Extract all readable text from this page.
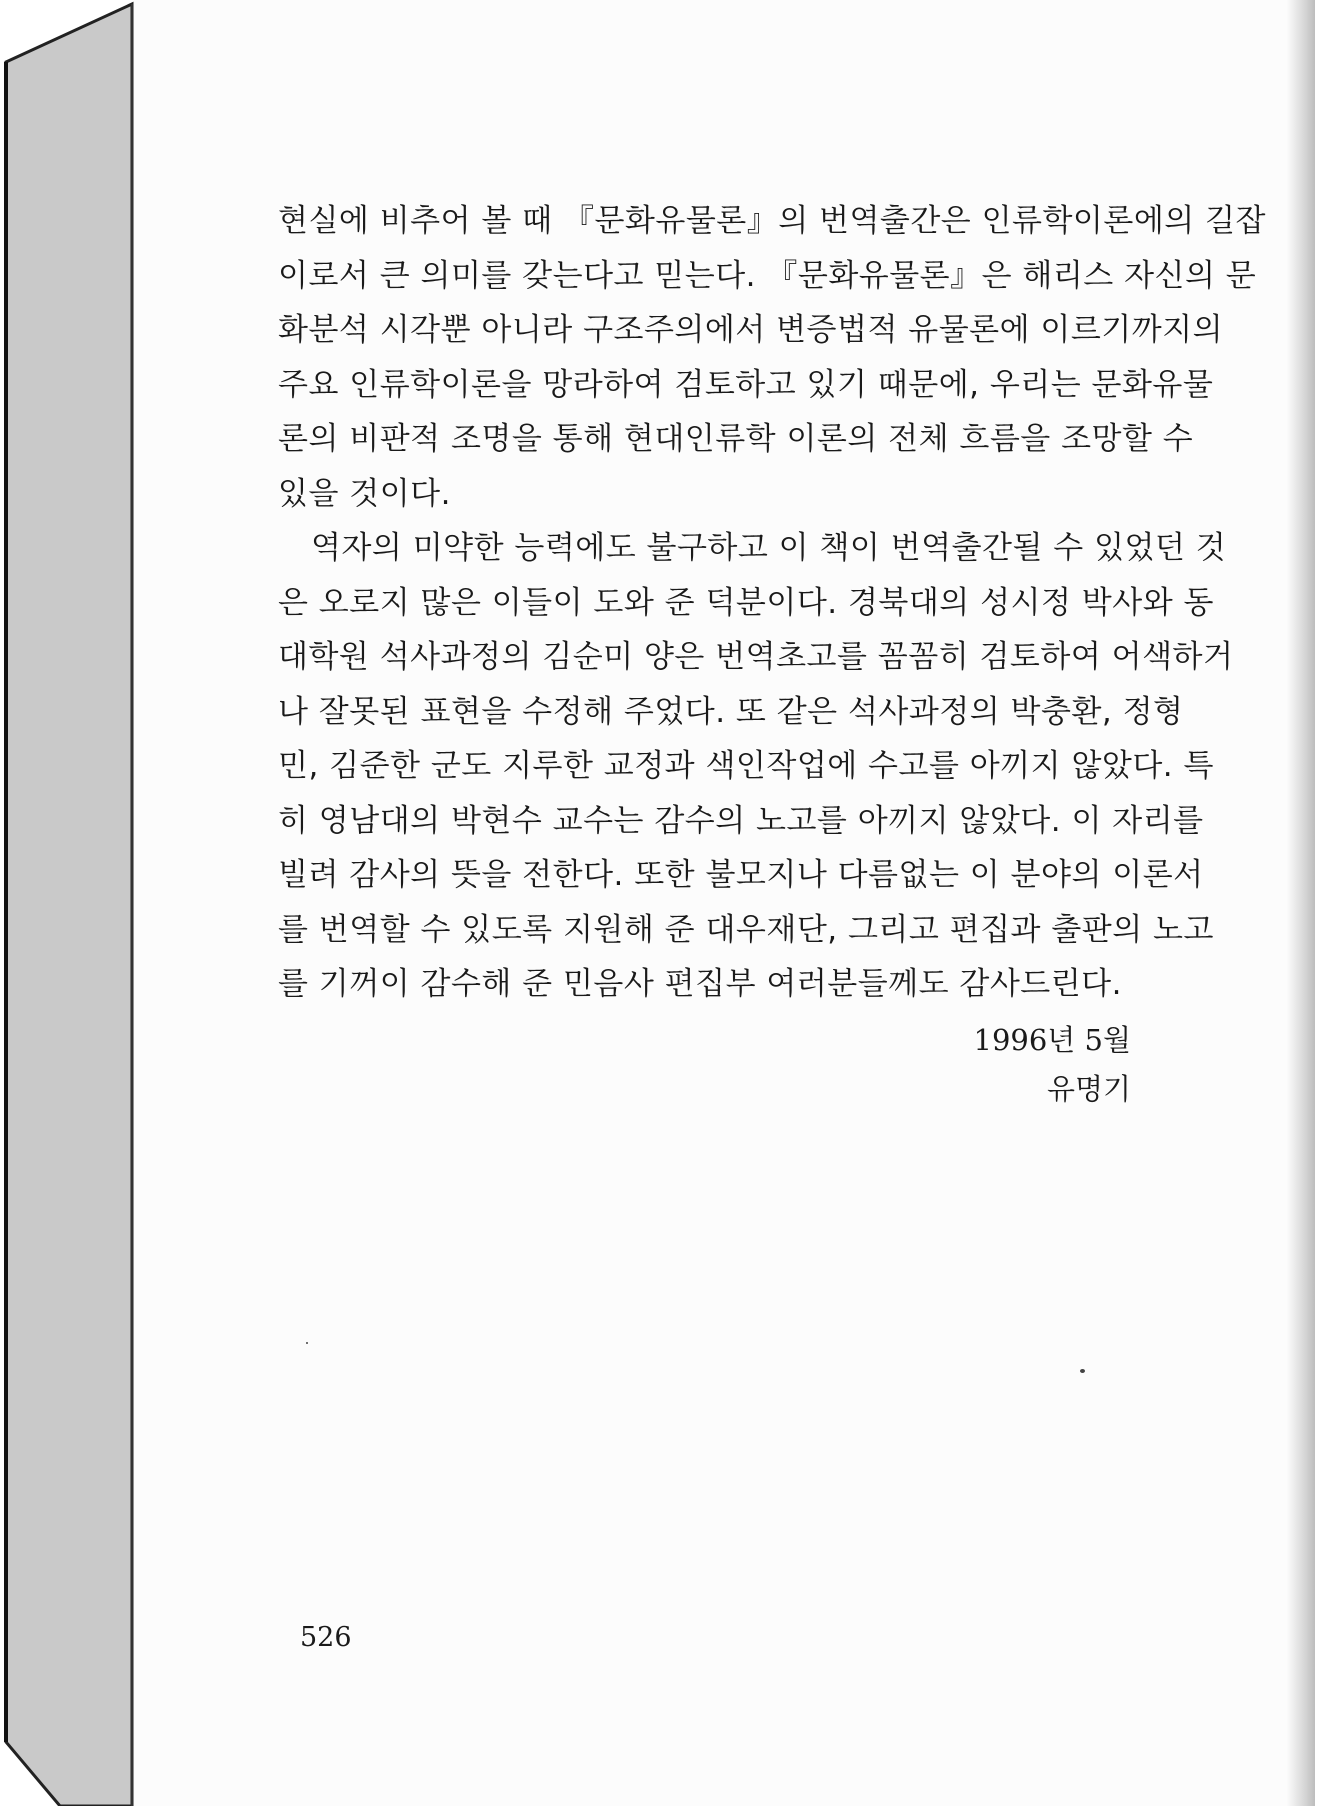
현실에 비추어 볼 때 『문화유물론』의 번역출간은 인류학이론에의 길잡
이로서 큰 의미를 갖는다고 믿는다. 『문화유물론』은 해리스 자신의 문
화분석 시각뿐 아니라 구조주의에서 변증법적 유물론에 이르기까지의
주요 인류학이론을 망라하여 검토하고 있기 때문에, 우리는 문화유물
론의 비판적 조명을 통해 현대인류학 이론의 전체 흐름을 조망할 수
있을 것이다.
역자의 미약한 능력에도 불구하고 이 책이 번역출간될 수 있었던 것
은 오로지 많은 이들이 도와 준 덕분이다. 경북대의 성시정 박사와 동
대학원 석사과정의 김순미 양은 번역초고를 꼼꼼히 검토하여 어색하거
나 잘못된 표현을 수정해 주었다. 또 같은 석사과정의 박충환, 정형
민, 김준한 군도 지루한 교정과 색인작업에 수고를 아끼지 않았다. 특
히 영남대의 박현수 교수는 감수의 노고를 아끼지 않았다. 이 자리를
빌려 감사의 뜻을 전한다. 또한 불모지나 다름없는 이 분야의 이론서
를 번역할 수 있도록 지원해 준 대우재단, 그리고 편집과 출판의 노고
를 기꺼이 감수해 준 민음사 편집부 여러분들께도 감사드린다.
1996년 5월
유명기
526
